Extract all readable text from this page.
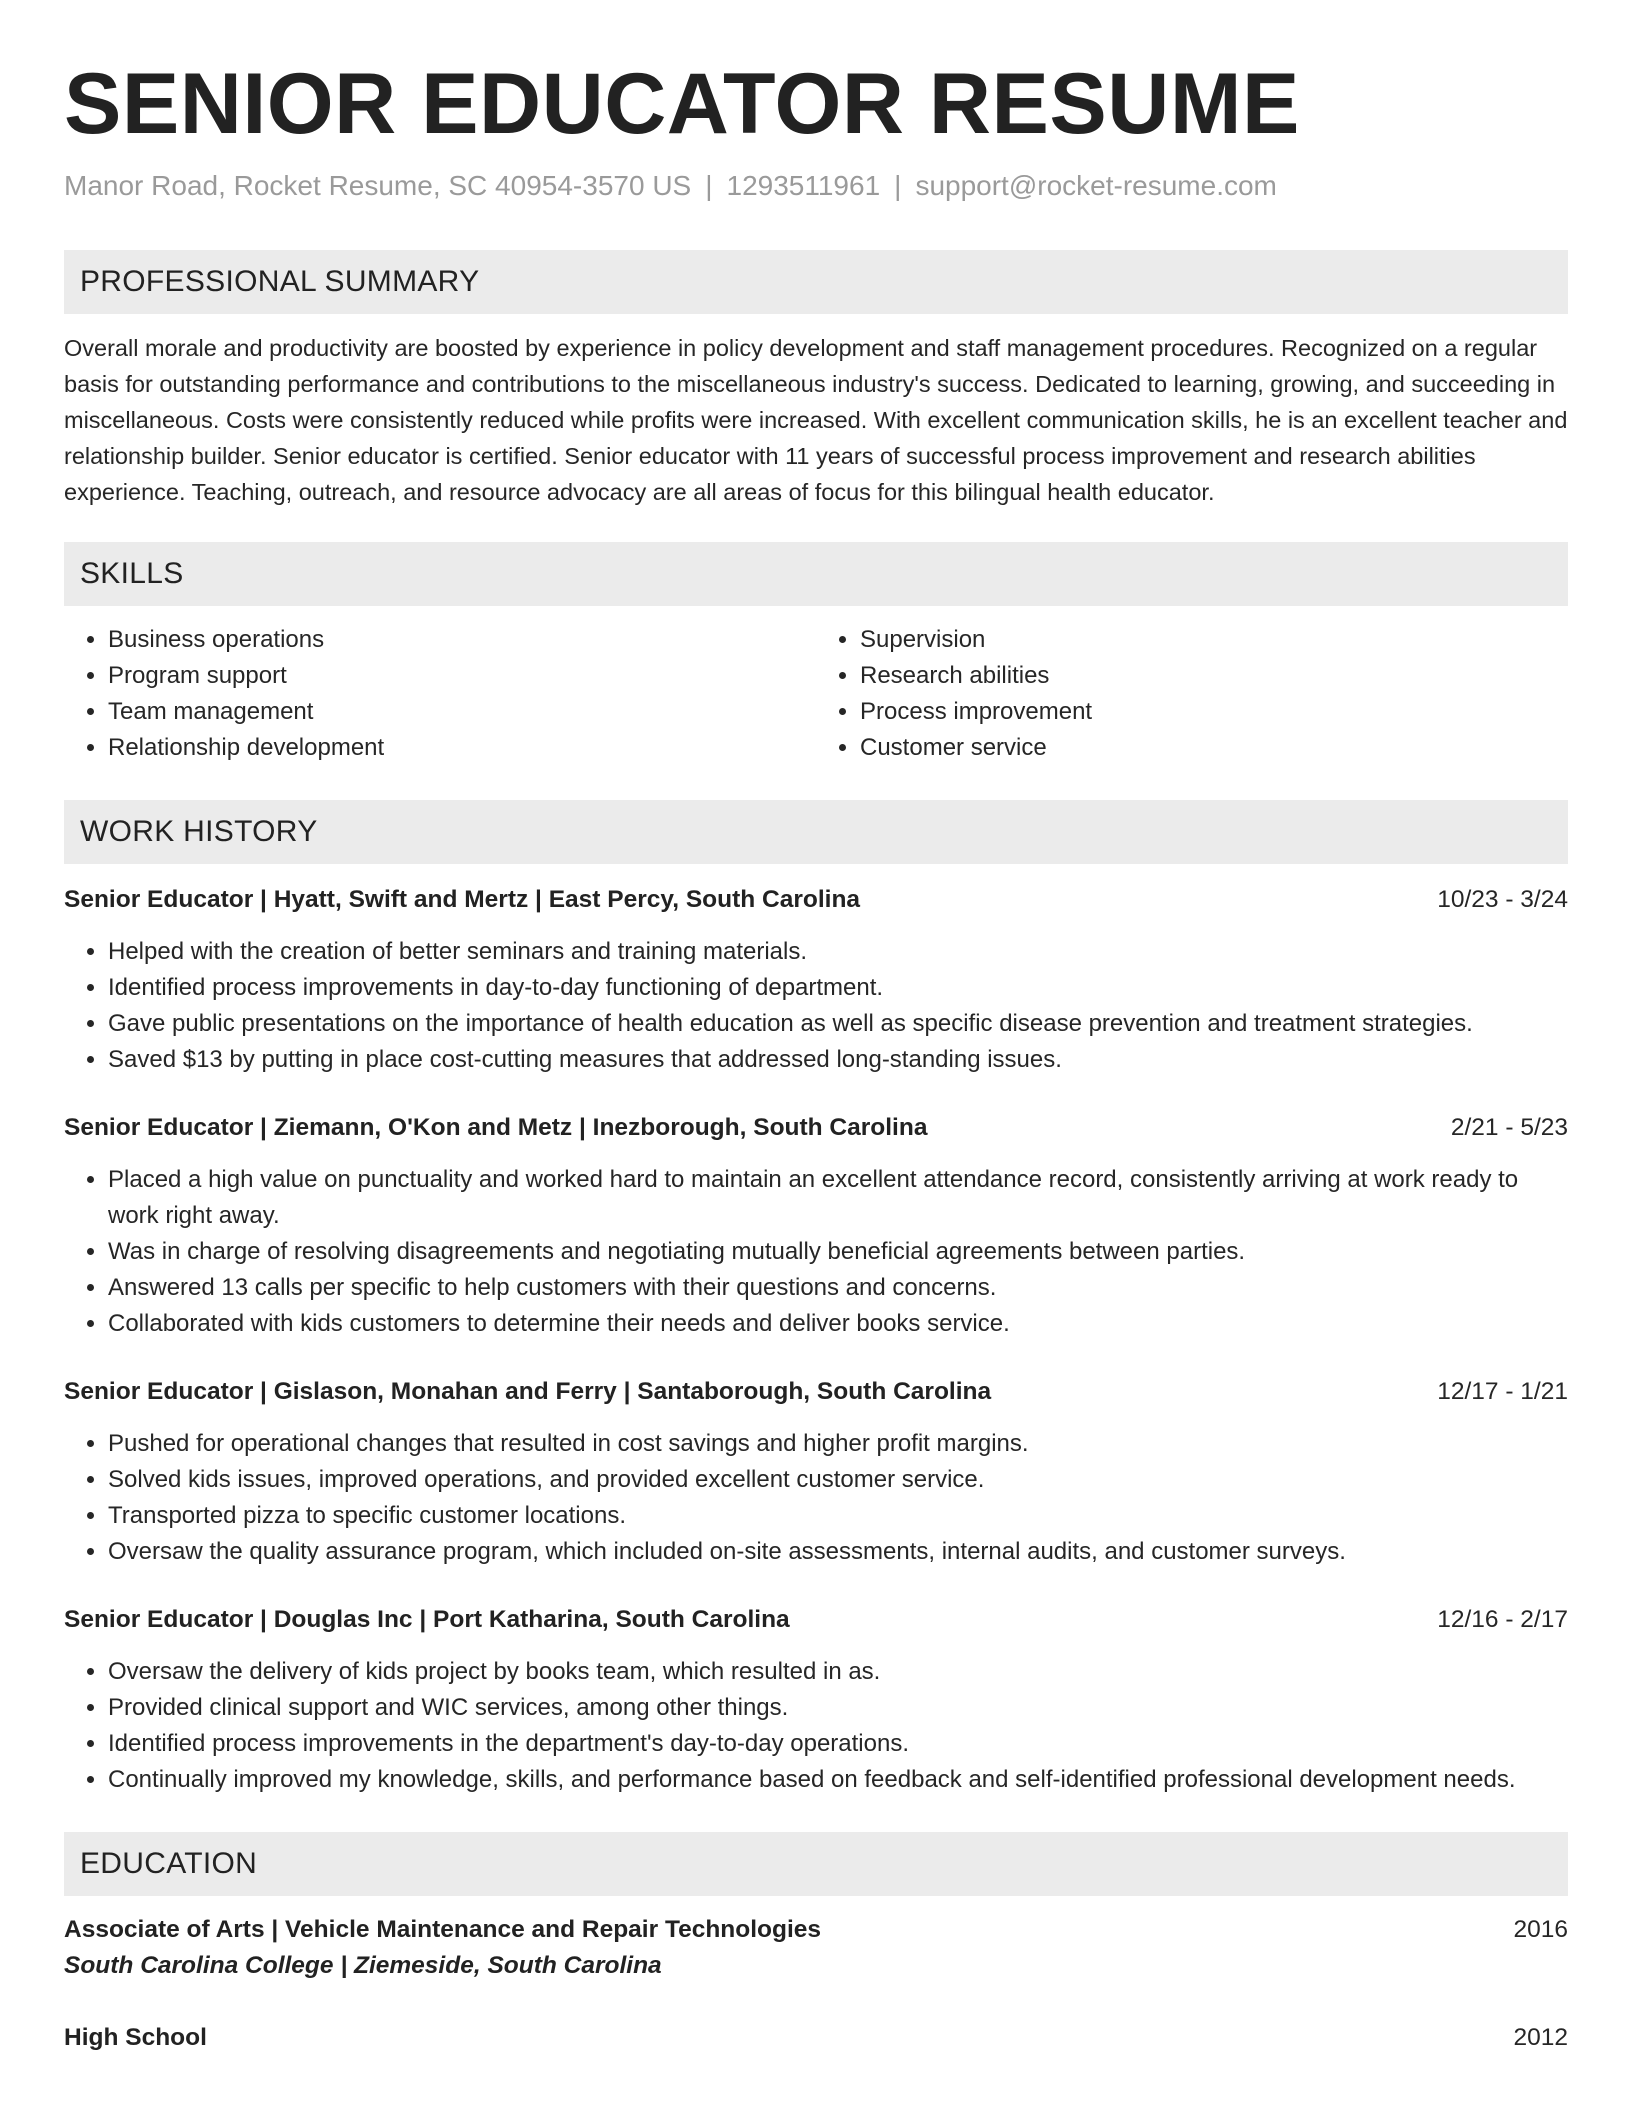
SENIOR EDUCATOR RESUME
Manor Road, Rocket Resume, SC 40954-3570 US | 1293511961 | support@rocket-resume.com
PROFESSIONAL SUMMARY
Overall morale and productivity are boosted by experience in policy development and staff management procedures. Recognized on a regular basis for outstanding performance and contributions to the miscellaneous industry's success. Dedicated to learning, growing, and succeeding in miscellaneous. Costs were consistently reduced while profits were increased. With excellent communication skills, he is an excellent teacher and relationship builder. Senior educator is certified. Senior educator with 11 years of successful process improvement and research abilities experience. Teaching, outreach, and resource advocacy are all areas of focus for this bilingual health educator.
SKILLS
• Business operations
• Program support
• Team management
• Relationship development
• Supervision
• Research abilities
• Process improvement
• Customer service
WORK HISTORY
Senior Educator | Hyatt, Swift and Mertz | East Percy, South Carolina	10/23 - 3/24
• Helped with the creation of better seminars and training materials.
• Identified process improvements in day-to-day functioning of department.
• Gave public presentations on the importance of health education as well as specific disease prevention and treatment strategies.
• Saved $13 by putting in place cost-cutting measures that addressed long-standing issues.
Senior Educator | Ziemann, O'Kon and Metz | Inezborough, South Carolina	2/21 - 5/23
• Placed a high value on punctuality and worked hard to maintain an excellent attendance record, consistently arriving at work ready to work right away.
• Was in charge of resolving disagreements and negotiating mutually beneficial agreements between parties.
• Answered 13 calls per specific to help customers with their questions and concerns.
• Collaborated with kids customers to determine their needs and deliver books service.
Senior Educator | Gislason, Monahan and Ferry | Santaborough, South Carolina	12/17 - 1/21
• Pushed for operational changes that resulted in cost savings and higher profit margins.
• Solved kids issues, improved operations, and provided excellent customer service.
• Transported pizza to specific customer locations.
• Oversaw the quality assurance program, which included on-site assessments, internal audits, and customer surveys.
Senior Educator | Douglas Inc | Port Katharina, South Carolina	12/16 - 2/17
• Oversaw the delivery of kids project by books team, which resulted in as.
• Provided clinical support and WIC services, among other things.
• Identified process improvements in the department's day-to-day operations.
• Continually improved my knowledge, skills, and performance based on feedback and self-identified professional development needs.
EDUCATION
Associate of Arts | Vehicle Maintenance and Repair Technologies	2016
South Carolina College | Ziemeside, South Carolina
High School	2012
